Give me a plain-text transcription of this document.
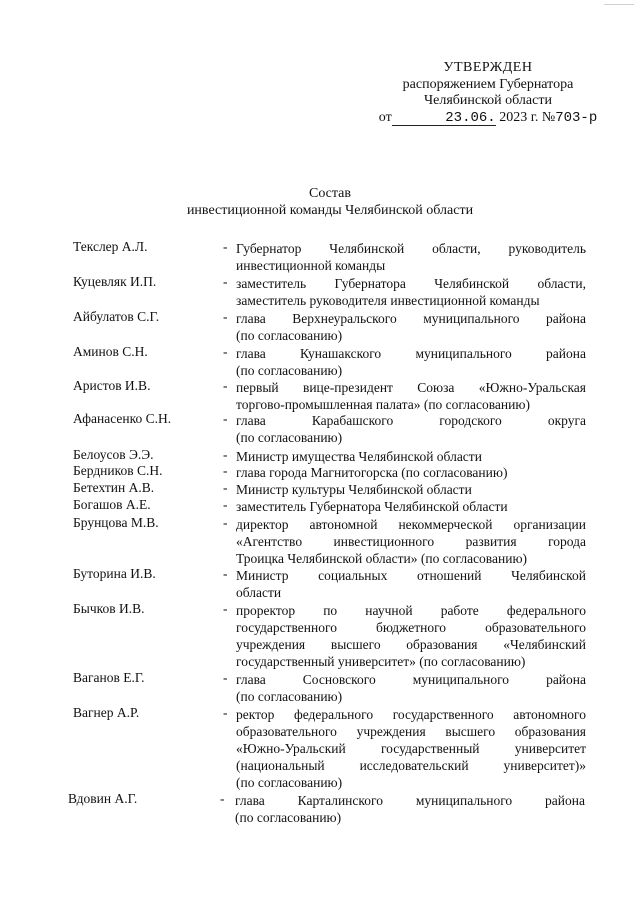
УТВЕРЖДЕН
распоряжением Губернатора
Челябинской области
от	23.06. 2023 г. №703-р
Состав
инвестиционной команды Челябинской области
Текслер А.Л.	- Губернатор Челябинской области, руководитель
инвестиционной команды
Куцевляк И.П.	- заместитель Губернатора Челябинской области,
заместитель руководителя инвестиционной команды
Айбулатов С.Г.	- глава Верхнеуральского муниципального района
(по согласованию)
Аминов С.Н.	- глава Кунашакского муниципального района
(по согласованию)
Аристов И.В.	- первый вице-президент Союза «Южно-Уральская
торгово-промышленная палата» (по согласованию)
Афанасенко С.Н.	- глава Карабашского городского округа
(по согласованию)
Белоусов Э.Э.	- Министр имущества Челябинской области
Бердников С.Н.	- глава города Магнитогорска (по согласованию)
Бетехтин А.В.	- Министр культуры Челябинской области
Богашов А.Е.	- заместитель Губернатора Челябинской области
Брунцова М.В.	- директор автономной некоммерческой организации
«Агентство инвестиционного развития города
Троицка Челябинской области» (по согласованию)
Буторина И.В.	- Министр социальных отношений Челябинской
области
Бычков И.В.	- проректор по научной работе федерального
государственного бюджетного образовательного
учреждения высшего образования «Челябинский
государственный университет» (по согласованию)
Ваганов Е.Г.	- глава Сосновского муниципального района
(по согласованию)
Вагнер А.Р.	- ректор федерального государственного автономного
образовательного учреждения высшего образования
«Южно-Уральский государственный университет
(национальный исследовательский университет)»
(по согласованию)
Вдовин А.Г.	- глава Карталинского муниципального района
(по согласованию)
